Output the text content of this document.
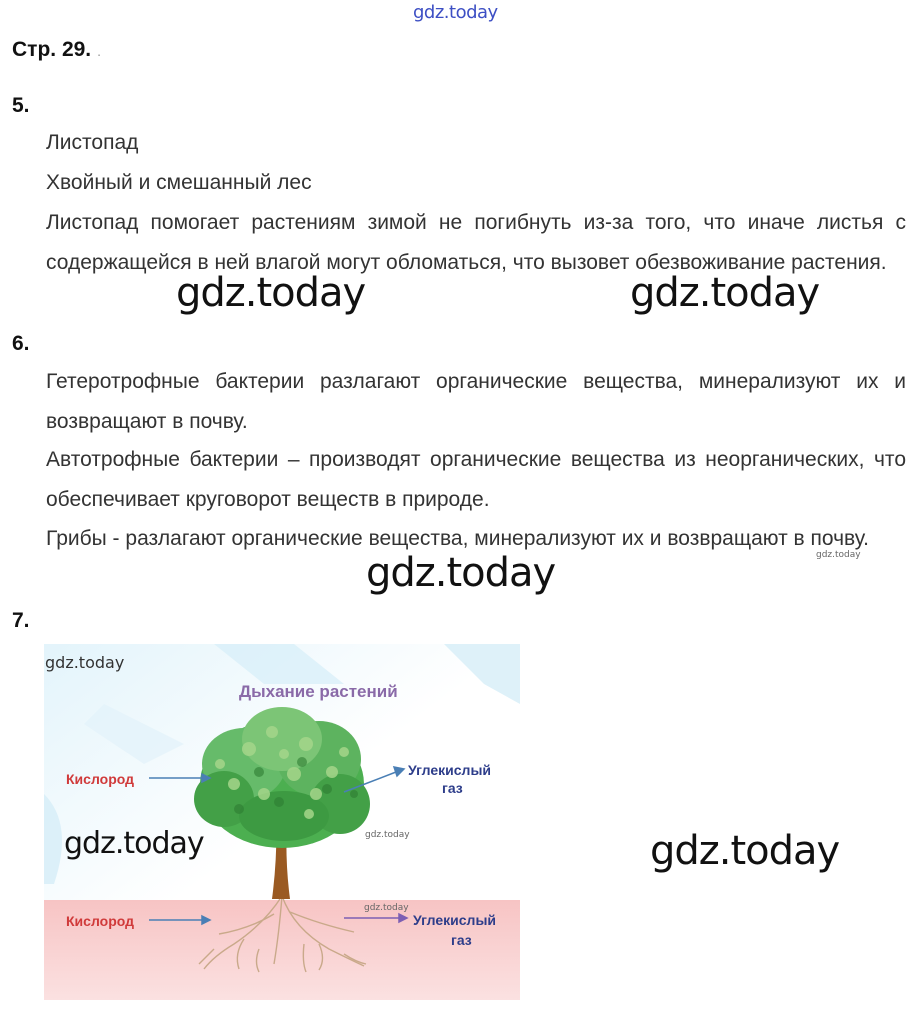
gdz.today
Стр. 29. .
5.

Листопад

Хвойный и смешанный лес

Листопад помогает растениям зимой не погибнуть из-за того, что иначе листья с содержащейся в ней влагой могут обломаться, что вызовет обезвоживание растения.

6.

Гетеротрофные бактерии разлагают органические вещества, минерализуют их и возвращают в почву.

Автотрофные бактерии – производят органические вещества из неорганических, что обеспечивает круговорот веществ в природе.

Грибы - разлагают органические вещества, минерализуют их и возвращают в почву.

7.
Дыхание растений
Кислород
Углекислый
газ
Кислород	Углекислый
газ
gdz.today	gdz.today
gdz.today	gdz.today
gdz.today
gdz.today	gdz.today
gdz.today
gdz.today
